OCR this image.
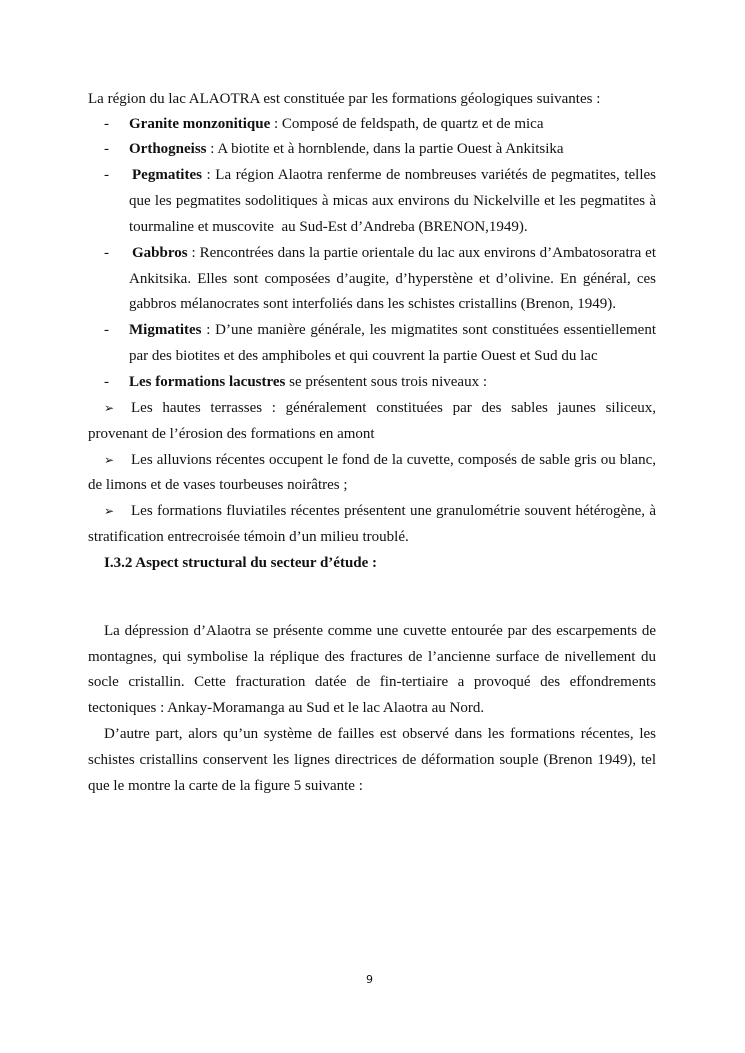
La région du lac ALAOTRA est constituée par les formations géologiques suivantes :
- Granite monzonitique : Composé de feldspath, de quartz et de mica
- Orthogneiss : A biotite et à hornblende, dans la partie Ouest à Ankitsika
- Pegmatites : La région Alaotra renferme de nombreuses variétés de pegmatites, telles
que les pegmatites sodolitiques à micas aux environs du Nickelville et les pegmatites à
tourmaline et muscovite  au Sud-Est d’Andreba (BRENON,1949).
- Gabbros : Rencontrées dans la partie orientale du lac aux environs d’Ambatosoratra et
Ankitsika. Elles sont composées d’augite, d’hyperstène et d’olivine. En général, ces
gabbros mélanocrates sont interfoliés dans les schistes cristallins (Brenon, 1949).
- Migmatites : D’une manière générale, les migmatites sont constituées essentiellement
par des biotites et des amphiboles et qui couvrent la partie Ouest et Sud du lac
- Les formations lacustres se présentent sous trois niveaux :
➢ Les hautes terrasses : généralement constituées par des sables jaunes siliceux,
provenant de l’érosion des formations en amont
➢ Les alluvions récentes occupent le fond de la cuvette, composés de sable gris ou blanc,
de limons et de vases tourbeuses noirâtres ;
➢ Les formations fluviatiles récentes présentent une granulométrie souvent hétérogène, à
stratification entrecroisée témoin d’un milieu troublé.
I.3.2 Aspect structural du secteur d’étude :
La dépression d’Alaotra se présente comme une cuvette entourée par des escarpements de
montagnes, qui symbolise la réplique des fractures de l’ancienne surface de nivellement du
socle cristallin. Cette fracturation datée de fin-tertiaire a provoqué des effondrements
tectoniques : Ankay-Moramanga au Sud et le lac Alaotra au Nord.
D’autre part, alors qu’un système de failles est observé dans les formations récentes, les
schistes cristallins conservent les lignes directrices de déformation souple (Brenon 1949), tel
que le montre la carte de la figure 5 suivante :
9
